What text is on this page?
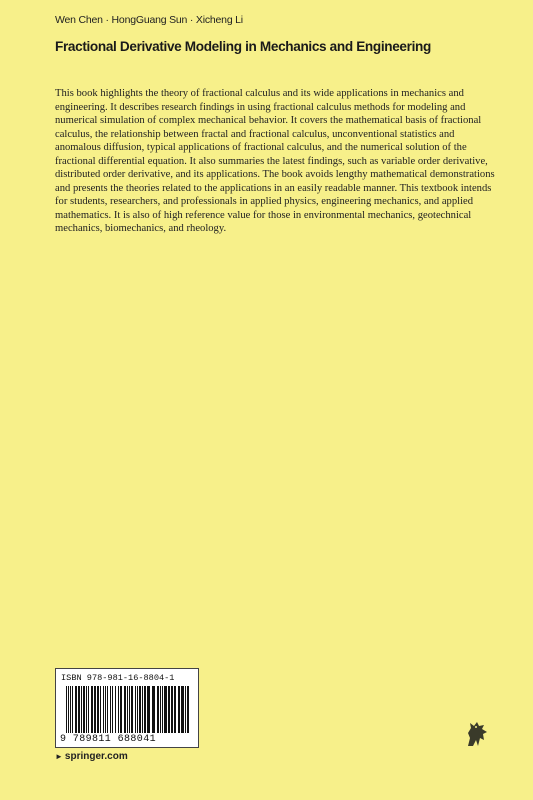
Wen Chen · HongGuang Sun · Xicheng Li
Fractional Derivative Modeling in Mechanics and Engineering

This book highlights the theory of fractional calculus and its wide applications in mechanics and engineering. It describes research findings in using fractional calculus methods for modeling and numerical simulation of complex mechanical behavior. It covers the mathematical basis of fractional calculus, the relationship between fractal and fractional calculus, unconventional statistics and anomalous diffusion, typical applications of fractional calculus, and the numerical solution of the fractional differential equation. It also summaries the latest findings, such as variable order derivative, distributed order derivative, and its applications. The book avoids lengthy mathematical demonstrations and presents the theories related to the applications in an easily readable manner. This textbook intends for students, researchers, and professionals in applied physics, engineering mechanics, and applied mathematics. It is also of high reference value for those in environmental mechanics, geotechnical mechanics, biomechanics, and rheology.

ISBN 978-981-16-8804-1
9 789811 688041
► springer.com
